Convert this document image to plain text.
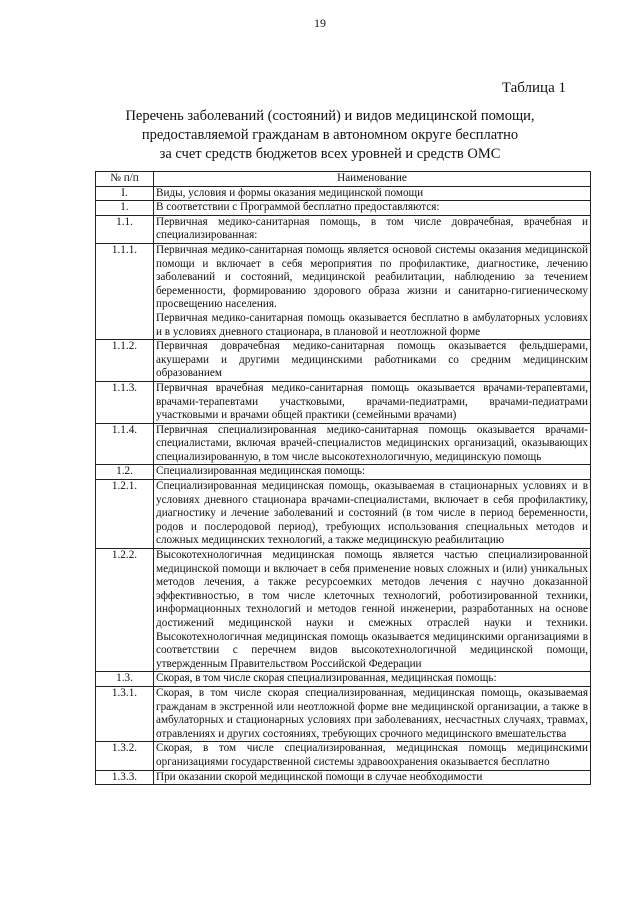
19
Таблица 1
Перечень заболеваний (состояний) и видов медицинской помощи,
предоставляемой гражданам в автономном округе бесплатно
за счет средств бюджетов всех уровней и средств ОМС
№ п/п	Наименование
I.	Виды, условия и формы оказания медицинской помощи

1.	В соответствии с Программой бесплатно предоставляются:

1.1.	Первичная медико-санитарная помощь, в том числе доврачебная, врачебная и специализированная:

1.1.1.	Первичная медико-санитарная помощь является основой системы оказания медицинской помощи и включает в себя мероприятия по профилактике, диагностике, лечению заболеваний и состояний, медицинской реабилитации, наблюдению за течением беременности, формированию здорового образа жизни и санитарно-гигиеническому просвещению населения.
Первичная медико-санитарная помощь оказывается бесплатно в амбулаторных условиях и в условиях дневного стационара, в плановой и неотложной форме

1.1.2.	Первичная доврачебная медико-санитарная помощь оказывается фельдшерами, акушерами и другими медицинскими работниками со средним медицинским образованием

1.1.3.	Первичная врачебная медико-санитарная помощь оказывается врачами-терапевтами, врачами-терапевтами участковыми, врачами-педиатрами, врачами-педиатрами участковыми и врачами общей практики (семейными врачами)

1.1.4.	Первичная специализированная медико-санитарная помощь оказывается врачами-специалистами, включая врачей-специалистов медицинских организаций, оказывающих специализированную, в том числе высокотехнологичную, медицинскую помощь

1.2.	Специализированная медицинская помощь:

1.2.1.	Специализированная медицинская помощь, оказываемая в стационарных условиях и в условиях дневного стационара врачами-специалистами, включает в себя профилактику, диагностику и лечение заболеваний и состояний (в том числе в период беременности, родов и послеродовой период), требующих использования специальных методов и сложных медицинских технологий, а также медицинскую реабилитацию

1.2.2.	Высокотехнологичная медицинская помощь является частью специализированной медицинской помощи и включает в себя применение новых сложных и (или) уникальных методов лечения, а также ресурсоемких методов лечения с научно доказанной эффективностью, в том числе клеточных технологий, роботизированной техники, информационных технологий и методов генной инженерии, разработанных на основе достижений медицинской науки и смежных отраслей науки и техники. Высокотехнологичная медицинская помощь оказывается медицинскими организациями в соответствии с перечнем видов высокотехнологичной медицинской помощи, утвержденным Правительством Российской Федерации

1.3.	Скорая, в том числе скорая специализированная, медицинская помощь:

1.3.1.	Скорая, в том числе скорая специализированная, медицинская помощь, оказываемая гражданам в экстренной или неотложной форме вне медицинской организации, а также в амбулаторных и стационарных условиях при заболеваниях, несчастных случаях, травмах, отравлениях и других состояниях, требующих срочного медицинского вмешательства

1.3.2.	Скорая, в том числе специализированная, медицинская помощь медицинскими организациями государственной системы здравоохранения оказывается бесплатно

1.3.3.	При оказании скорой медицинской помощи в случае необходимости
